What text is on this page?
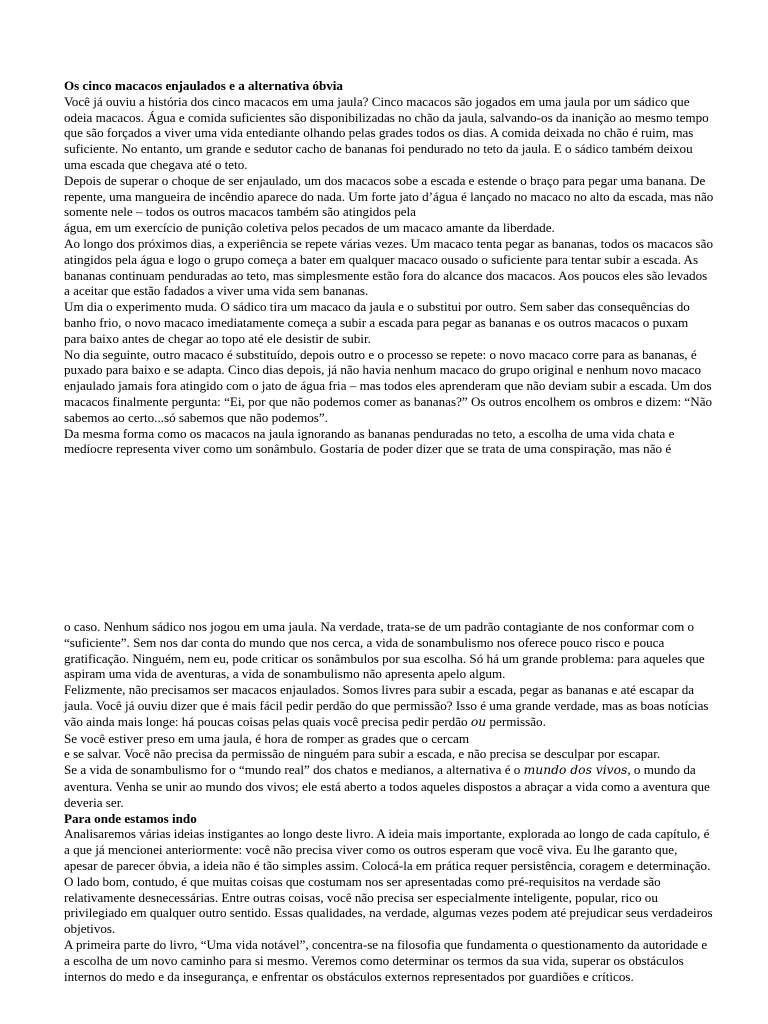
Os cinco macacos enjaulados e a alternativa óbvia

Você já ouviu a história dos cinco macacos em uma jaula? Cinco macacos são jogados em uma jaula por um sádico que odeia macacos. Água e comida suficientes são disponibilizadas no chão da jaula, salvando-os da inanição ao mesmo tempo que são forçados a viver uma vida entediante olhando pelas grades todos os dias. A comida deixada no chão é ruim, mas suficiente. No entanto, um grande e sedutor cacho de bananas foi pendurado no teto da jaula. E o sádico também deixou uma escada que chegava até o teto.

Depois de superar o choque de ser enjaulado, um dos macacos sobe a escada e estende o braço para pegar uma banana. De repente, uma mangueira de incêndio aparece do nada. Um forte jato d’água é lançado no macaco no alto da escada, mas não somente nele – todos os outros macacos também são atingidos pela

água, em um exercício de punição coletiva pelos pecados de um macaco amante da liberdade.

Ao longo dos próximos dias, a experiência se repete várias vezes. Um macaco tenta pegar as bananas, todos os macacos são atingidos pela água e logo o grupo começa a bater em qualquer macaco ousado o suficiente para tentar subir a escada. As bananas continuam penduradas ao teto, mas simplesmente estão fora do alcance dos macacos. Aos poucos eles são levados a aceitar que estão fadados a viver uma vida sem bananas.

Um dia o experimento muda. O sádico tira um macaco da jaula e o substitui por outro. Sem saber das consequências do banho frio, o novo macaco imediatamente começa a subir a escada para pegar as bananas e os outros macacos o puxam para baixo antes de chegar ao topo até ele desistir de subir.

No dia seguinte, outro macaco é substituído, depois outro e o processo se repete: o novo macaco corre para as bananas, é puxado para baixo e se adapta. Cinco dias depois, já não havia nenhum macaco do grupo original e nenhum novo macaco enjaulado jamais fora atingido com o jato de água fria – mas todos eles aprenderam que não deviam subir a escada. Um dos macacos finalmente pergunta: “Ei, por que não podemos comer as bananas?” Os outros encolhem os ombros e dizem: “Não sabemos ao certo...só sabemos que não podemos”.

Da mesma forma como os macacos na jaula ignorando as bananas penduradas no teto, a escolha de uma vida chata e medíocre representa viver como um sonâmbulo. Gostaria de poder dizer que se trata de uma conspiração, mas não é

o caso. Nenhum sádico nos jogou em uma jaula. Na verdade, trata-se de um padrão contagiante de nos conformar com o “suficiente”. Sem nos dar conta do mundo que nos cerca, a vida de sonambulismo nos oferece pouco risco e pouca gratificação. Ninguém, nem eu, pode criticar os sonâmbulos por sua escolha. Só há um grande problema: para aqueles que aspiram uma vida de aventuras, a vida de sonambulismo não apresenta apelo algum.

Felizmente, não precisamos ser macacos enjaulados. Somos livres para subir a escada, pegar as bananas e até escapar da jaula. Você já ouviu dizer que é mais fácil pedir perdão do que permissão? Isso é uma grande verdade, mas as boas notícias vão ainda mais longe: há poucas coisas pelas quais você precisa pedir perdão ou permissão.

Se você estiver preso em uma jaula, é hora de romper as grades que o cercam

e se salvar. Você não precisa da permissão de ninguém para subir a escada, e não precisa se desculpar por escapar.

Se a vida de sonambulismo for o “mundo real” dos chatos e medianos, a alternativa é o mundo dos vivos, o mundo da aventura. Venha se unir ao mundo dos vivos; ele está aberto a todos aqueles dispostos a abraçar a vida como a aventura que deveria ser.

Para onde estamos indo

Analisaremos várias ideias instigantes ao longo deste livro. A ideia mais importante, explorada ao longo de cada capítulo, é a que já mencionei anteriormente: você não precisa viver como os outros esperam que você viva. Eu lhe garanto que, apesar de parecer óbvia, a ideia não é tão simples assim. Colocá-la em prática requer persistência, coragem e determinação. O lado bom, contudo, é que muitas coisas que costumam nos ser apresentadas como pré-requisitos na verdade são relativamente desnecessárias. Entre outras coisas, você não precisa ser especialmente inteligente, popular, rico ou privilegiado em qualquer outro sentido. Essas qualidades, na verdade, algumas vezes podem até prejudicar seus verdadeiros objetivos.

A primeira parte do livro, “Uma vida notável”, concentra-se na filosofia que fundamenta o questionamento da autoridade e a escolha de um novo caminho para si mesmo. Veremos como determinar os termos da sua vida, superar os obstáculos internos do medo e da insegurança, e enfrentar os obstáculos externos representados por guardiões e críticos.
